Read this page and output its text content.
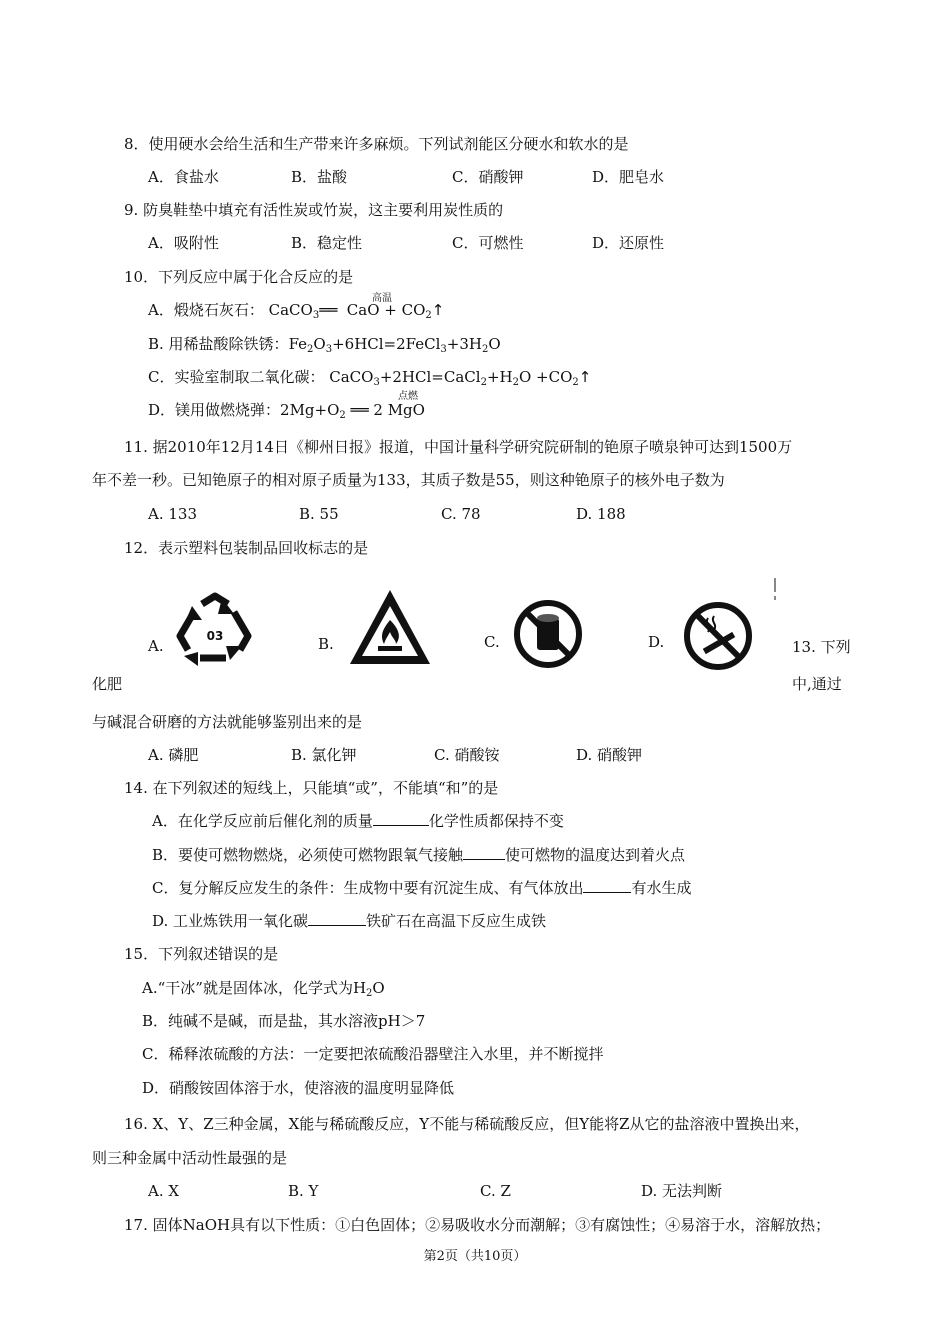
8．使用硬水会给生活和生产带来许多麻烦。下列试剂能区分硬水和软水的是
A．食盐水	B．盐酸	C．硝酸钾	D．肥皂水
9. 防臭鞋垫中填充有活性炭或竹炭，这主要利用炭性质的
A．吸附性	B．稳定性	C．可燃性	D．还原性
10．下列反应中属于化合反应的是
A．煅烧石灰石： CaCO$_3$══  CaO + $CO_2↑$
高温
B. 用稀盐酸除铁锈：$Fe_2O_3+6HCl=2FeCl_3+3H_2O$
C．实验室制取二氧化碳： $CaCO_3+2HCl=CaCl_2+H_2O$ $+CO_2↑$
D．镁用做燃烧弹：$2Mg+O_2$ ══ 2 MgO
点燃
11. 据2010年12月14日《柳州日报》报道，中国计量科学研究院研制的铯原子喷泉钟可达到1500万
年不差一秒。已知铯原子的相对原子质量为133，其质子数是55，则这种铯原子的核外电子数为
A. 133	B. 55	C. 78	D. 188
12．表示塑料包装制品回收标志的是
A.	B.	C.	D.
03
13. 下列
化肥	中,通过
与碱混合研磨的方法就能够鉴别出来的是
A. 磷肥	B. 氯化钾	C. 硝酸铵	D. 硝酸钾
14. 在下列叙述的短线上，只能填“或”，不能填“和”的是
A．在化学反应前后催化剂的质量	化学性质都保持不变
B．要使可燃物燃烧，必须使可燃物跟氧气接触	使可燃物的温度达到着火点
C．复分解反应发生的条件：生成物中要有沉淀生成、有气体放出	有水生成
D. 工业炼铁用一氧化碳	铁矿石在高温下反应生成铁
15．下列叙述错误的是
A.“干冰”就是固体冰，化学式为$H_2O$
B．纯碱不是碱，而是盐，其水溶液pH＞7
C．稀释浓硫酸的方法：一定要把浓硫酸沿器壁注入水里，并不断搅拌
D．硝酸铵固体溶于水，使溶液的温度明显降低
16. X、Y、Z三种金属，X能与稀硫酸反应，Y不能与稀硫酸反应，但Y能将Z从它的盐溶液中置换出来，
则三种金属中活动性最强的是
A. X	B. Y	C. Z	D. 无法判断
17. 固体NaOH具有以下性质：①白色固体；②易吸收水分而潮解；③有腐蚀性；④易溶于水，溶解放热；
第2页（共10页）
